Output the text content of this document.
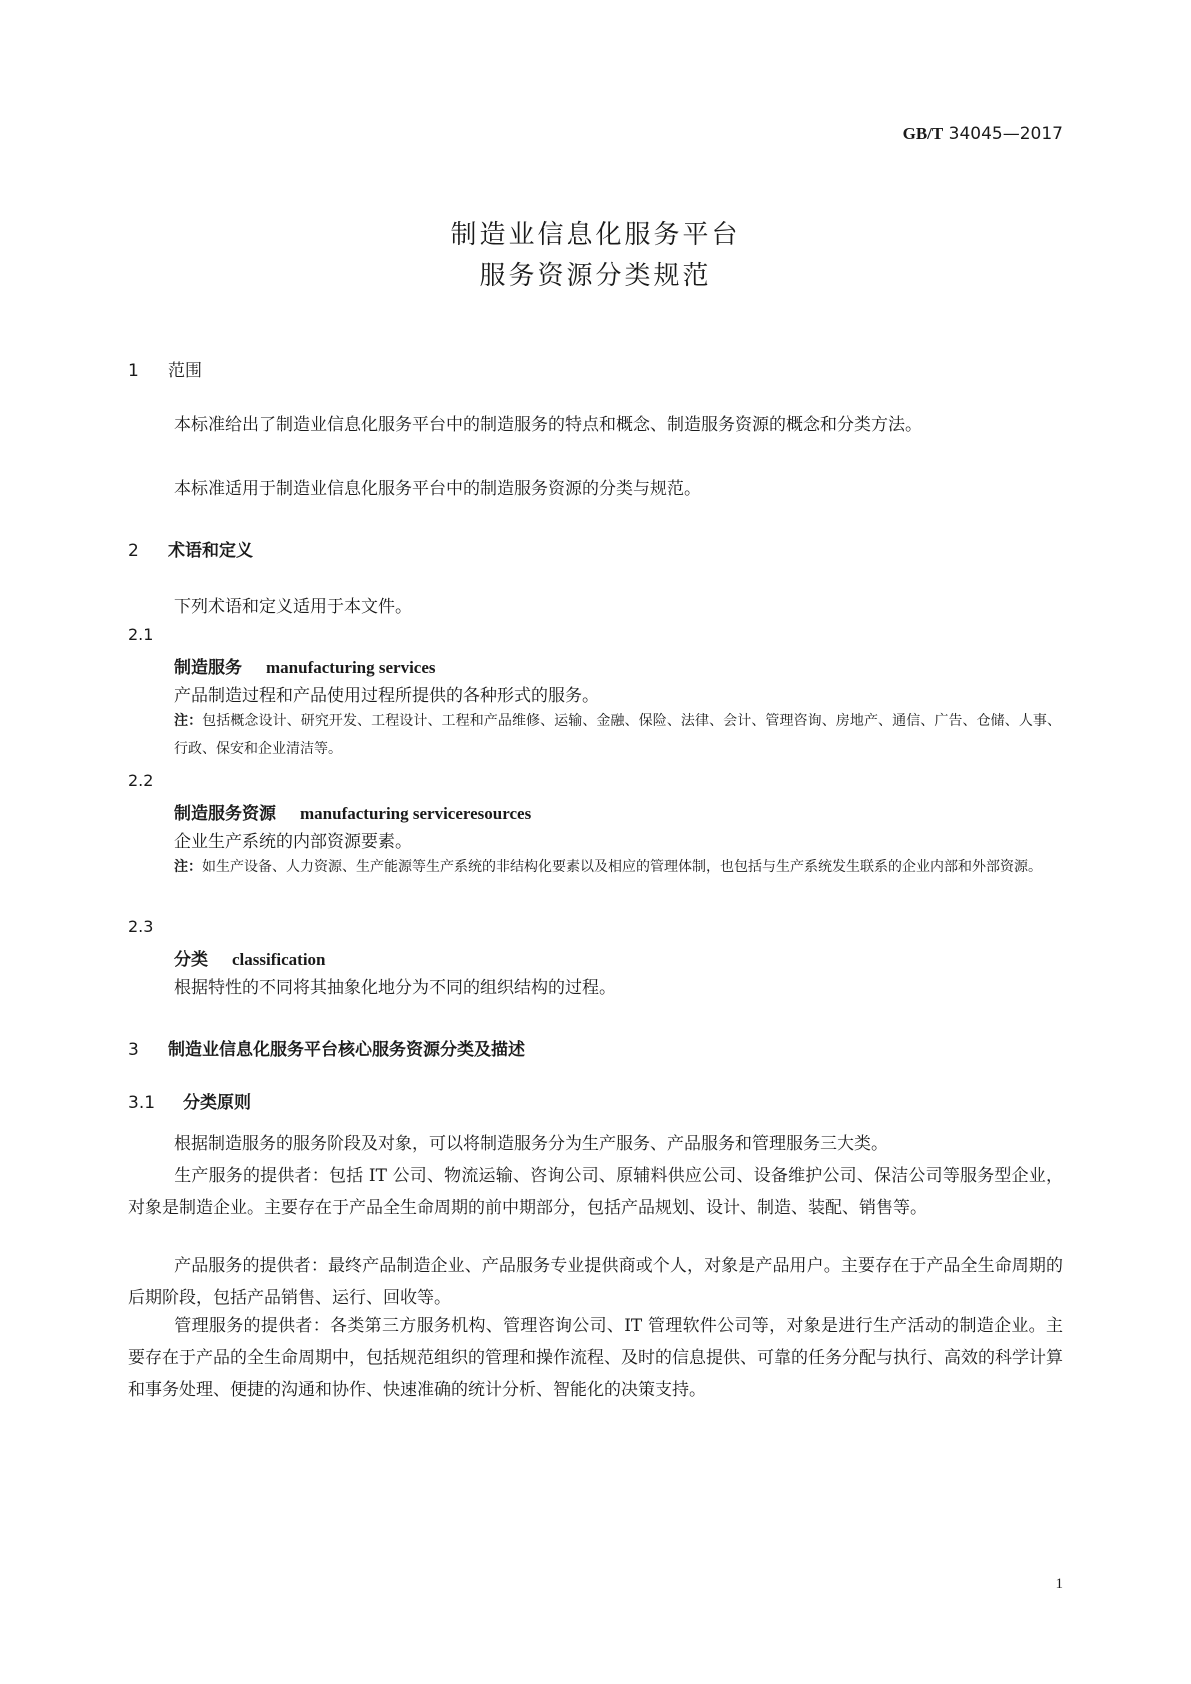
GB/T 34045—2017
制造业信息化服务平台
服务资源分类规范
1 范围

本标准给出了制造业信息化服务平台中的制造服务的特点和概念、制造服务资源的概念和分类方法。

本标准适用于制造业信息化服务平台中的制造服务资源的分类与规范。

2 术语和定义
下列术语和定义适用于本文件。
2.1
制造服务 manufacturing services
产品制造过程和产品使用过程所提供的各种形式的服务。

注：包括概念设计、研究开发、工程设计、工程和产品维修、运输、金融、保险、法律、会计、管理咨询、房地产、通信、广告、仓储、人事、行政、保安和企业清洁等。

2.2
制造服务资源 manufacturing serviceresources
企业生产系统的内部资源要素。

注：如生产设备、人力资源、生产能源等生产系统的非结构化要素以及相应的管理体制，也包括与生产系统发生联系的企业内部和外部资源。

2.3
分类 classification
根据特性的不同将其抽象化地分为不同的组织结构的过程。
3 制造业信息化服务平台核心服务资源分类及描述
3.1 分类原则

根据制造服务的服务阶段及对象，可以将制造服务分为生产服务、产品服务和管理服务三大类。

生产服务的提供者：包括 IT 公司、物流运输、咨询公司、原辅料供应公司、设备维护公司、保洁公司等服务型企业，对象是制造企业。主要存在于产品全生命周期的前中期部分，包括产品规划、设计、制造、装配、销售等。

产品服务的提供者：最终产品制造企业、产品服务专业提供商或个人，对象是产品用户。主要存在于产品全生命周期的后期阶段，包括产品销售、运行、回收等。

管理服务的提供者：各类第三方服务机构、管理咨询公司、IT 管理软件公司等，对象是进行生产活动的制造企业。主要存在于产品的全生命周期中，包括规范组织的管理和操作流程、及时的信息提供、可靠的任务分配与执行、高效的科学计算和事务处理、便捷的沟通和协作、快速准确的统计分析、智能化的决策支持。

1
